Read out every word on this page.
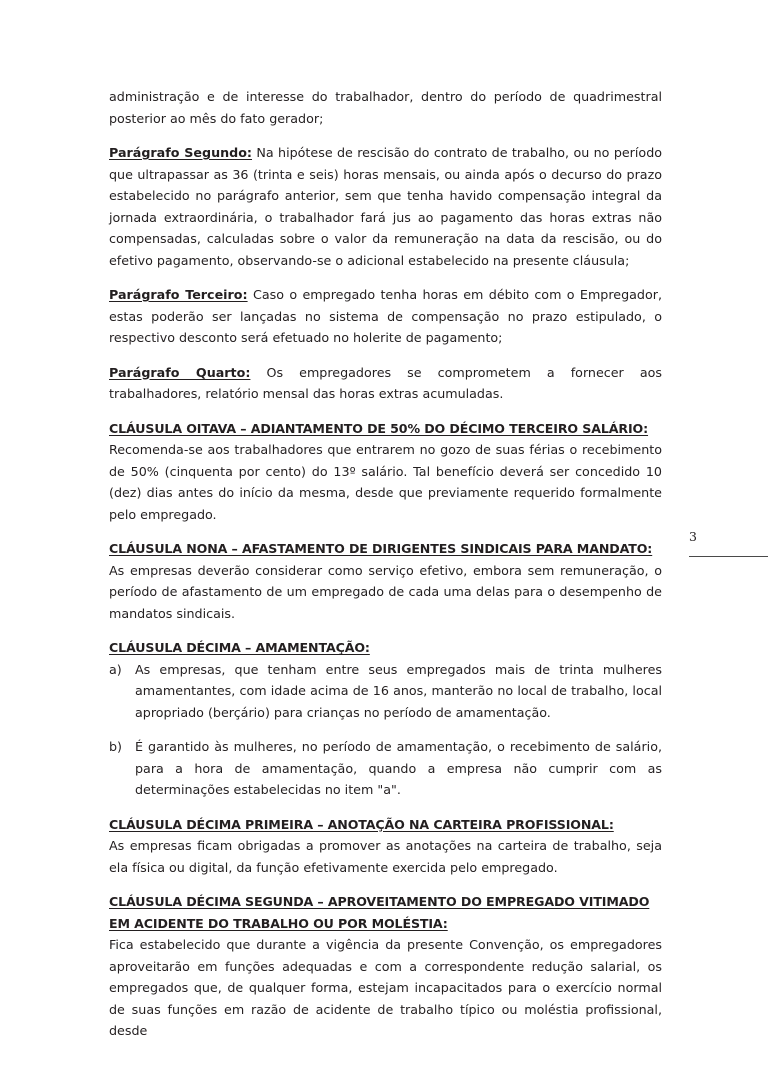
administração e de interesse do trabalhador, dentro do período de quadrimestral posterior ao mês do fato gerador;

Parágrafo Segundo: Na hipótese de rescisão do contrato de trabalho, ou no período que ultrapassar as 36 (trinta e seis) horas mensais, ou ainda após o decurso do prazo estabelecido no parágrafo anterior, sem que tenha havido compensação integral da jornada extraordinária, o trabalhador fará jus ao pagamento das horas extras não compensadas, calculadas sobre o valor da remuneração na data da rescisão, ou do efetivo pagamento, observando-se o adicional estabelecido na presente cláusula;

Parágrafo Terceiro: Caso o empregado tenha horas em débito com o Empregador, estas poderão ser lançadas no sistema de compensação no prazo estipulado, o respectivo desconto será efetuado no holerite de pagamento;

Parágrafo Quarto: Os empregadores se comprometem a fornecer aos trabalhadores, relatório mensal das horas extras acumuladas.

CLÁUSULA OITAVA – ADIANTAMENTO DE 50% DO DÉCIMO TERCEIRO SALÁRIO:

Recomenda-se aos trabalhadores que entrarem no gozo de suas férias o recebimento de 50% (cinquenta por cento) do 13º salário. Tal benefício deverá ser concedido 10 (dez) dias antes do início da mesma, desde que previamente requerido formalmente pelo empregado.

CLÁUSULA NONA – AFASTAMENTO DE DIRIGENTES SINDICAIS PARA MANDATO:

As empresas deverão considerar como serviço efetivo, embora sem remuneração, o período de afastamento de um empregado de cada uma delas para o desempenho de mandatos sindicais.

CLÁUSULA DÉCIMA – AMAMENTAÇÃO:
a) As empresas, que tenham entre seus empregados mais de trinta mulheres amamentantes, com idade acima de 16 anos, manterão no local de trabalho, local apropriado (berçário) para crianças no período de amamentação.
b) É garantido às mulheres, no período de amamentação, o recebimento de salário, para a hora de amamentação, quando a empresa não cumprir com as determinações estabelecidas no item "a".
CLÁUSULA DÉCIMA PRIMEIRA – ANOTAÇÃO NA CARTEIRA PROFISSIONAL:

As empresas ficam obrigadas a promover as anotações na carteira de trabalho, seja ela física ou digital, da função efetivamente exercida pelo empregado.

CLÁUSULA DÉCIMA SEGUNDA – APROVEITAMENTO DO EMPREGADO VITIMADO EM ACIDENTE DO TRABALHO OU POR MOLÉSTIA:

Fica estabelecido que durante a vigência da presente Convenção, os empregadores aproveitarão em funções adequadas e com a correspondente redução salarial, os empregados que, de qualquer forma, estejam incapacitados para o exercício normal de suas funções em razão de acidente de trabalho típico ou moléstia profissional, desde

3
